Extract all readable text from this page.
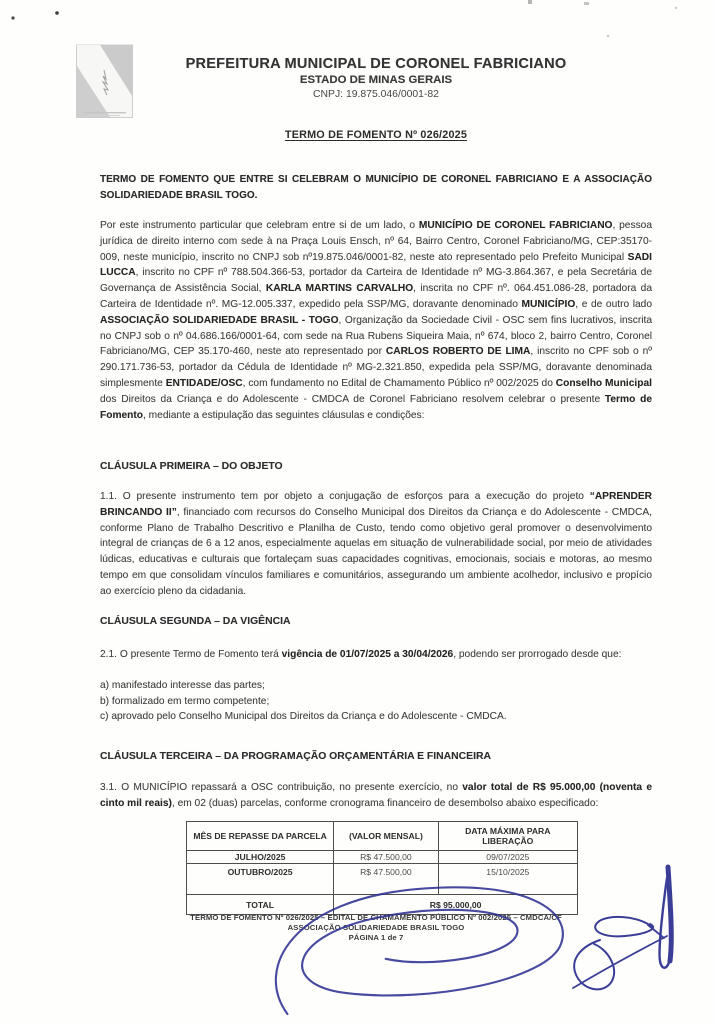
PREFEITURA MUNICIPAL DE CORONEL FABRICIANO
ESTADO DE MINAS GERAIS
CNPJ: 19.875.046/0001-82
TERMO DE FOMENTO Nº 026/2025
TERMO DE FOMENTO QUE ENTRE SI CELEBRAM O MUNICÍPIO DE CORONEL FABRICIANO E A ASSOCIAÇÃO SOLIDARIEDADE BRASIL TOGO.
Por este instrumento particular que celebram entre si de um lado, o MUNICÍPIO DE CORONEL FABRICIANO, pessoa jurídica de direito interno com sede à na Praça Louis Ensch, nº 64, Bairro Centro, Coronel Fabriciano/MG, CEP:35170-009, neste município, inscrito no CNPJ sob nº19.875.046/0001-82, neste ato representado pelo Prefeito Municipal SADI LUCCA, inscrito no CPF nº 788.504.366-53, portador da Carteira de Identidade nº MG-3.864.367, e pela Secretária de Governança de Assistência Social, KARLA MARTINS CARVALHO, inscrita no CPF nº. 064.451.086-28, portadora da Carteira de Identidade nº. MG-12.005.337, expedido pela SSP/MG, doravante denominado MUNICÍPIO, e de outro lado ASSOCIAÇÃO SOLIDARIEDADE BRASIL - TOGO, Organização da Sociedade Civil - OSC sem fins lucrativos, inscrita no CNPJ sob o nº 04.686.166/0001-64, com sede na Rua Rubens Siqueira Maia, nº 674, bloco 2, bairro Centro, Coronel Fabriciano/MG, CEP 35.170-460, neste ato representado por CARLOS ROBERTO DE LIMA, inscrito no CPF sob o nº 290.171.736-53, portador da Cédula de Identidade nº MG-2.321.850, expedida pela SSP/MG, doravante denominada simplesmente ENTIDADE/OSC, com fundamento no Edital de Chamamento Público nº 002/2025 do Conselho Municipal dos Direitos da Criança e do Adolescente - CMDCA de Coronel Fabriciano resolvem celebrar o presente Termo de Fomento, mediante a estipulação das seguintes cláusulas e condições:
CLÁUSULA PRIMEIRA – DO OBJETO
1.1. O presente instrumento tem por objeto a conjugação de esforços para a execução do projeto “APRENDER BRINCANDO II”, financiado com recursos do Conselho Municipal dos Direitos da Criança e do Adolescente - CMDCA, conforme Plano de Trabalho Descritivo e Planilha de Custo, tendo como objetivo geral promover o desenvolvimento integral de crianças de 6 a 12 anos, especialmente aquelas em situação de vulnerabilidade social, por meio de atividades lúdicas, educativas e culturais que fortaleçam suas capacidades cognitivas, emocionais, sociais e motoras, ao mesmo tempo em que consolidam vínculos familiares e comunitários, assegurando um ambiente acolhedor, inclusivo e propício ao exercício pleno da cidadania.
CLÁUSULA SEGUNDA – DA VIGÊNCIA
2.1. O presente Termo de Fomento terá vigência de 01/07/2025 a 30/04/2026, podendo ser prorrogado desde que:
a) manifestado interesse das partes;
b) formalizado em termo competente;
c) aprovado pelo Conselho Municipal dos Direitos da Criança e do Adolescente - CMDCA.
CLÁUSULA TERCEIRA – DA PROGRAMAÇÃO ORÇAMENTÁRIA E FINANCEIRA
3.1. O MUNICÍPIO repassará a OSC contribuição, no presente exercício, no valor total de R$ 95.000,00 (noventa e cinto mil reais), em 02 (duas) parcelas, conforme cronograma financeiro de desembolso abaixo especificado:
MÊS DE REPASSE DA PARCELA	(VALOR MENSAL)	DATA MÁXIMA PARA LIBERAÇÃO
JULHO/2025	R$ 47.500,00	09/07/2025
OUTUBRO/2025	R$ 47.500,00	15/10/2025
TOTAL	R$ 95.000,00	
TERMO DE FOMENTO Nº 026/2025 – EDITAL DE CHAMAMENTO PÚBLICO Nº 002/2025 – CMDCA/CF
ASSOCIAÇÃO SOLIDARIEDADE BRASIL TOGO
PÁGINA 1 de 7
